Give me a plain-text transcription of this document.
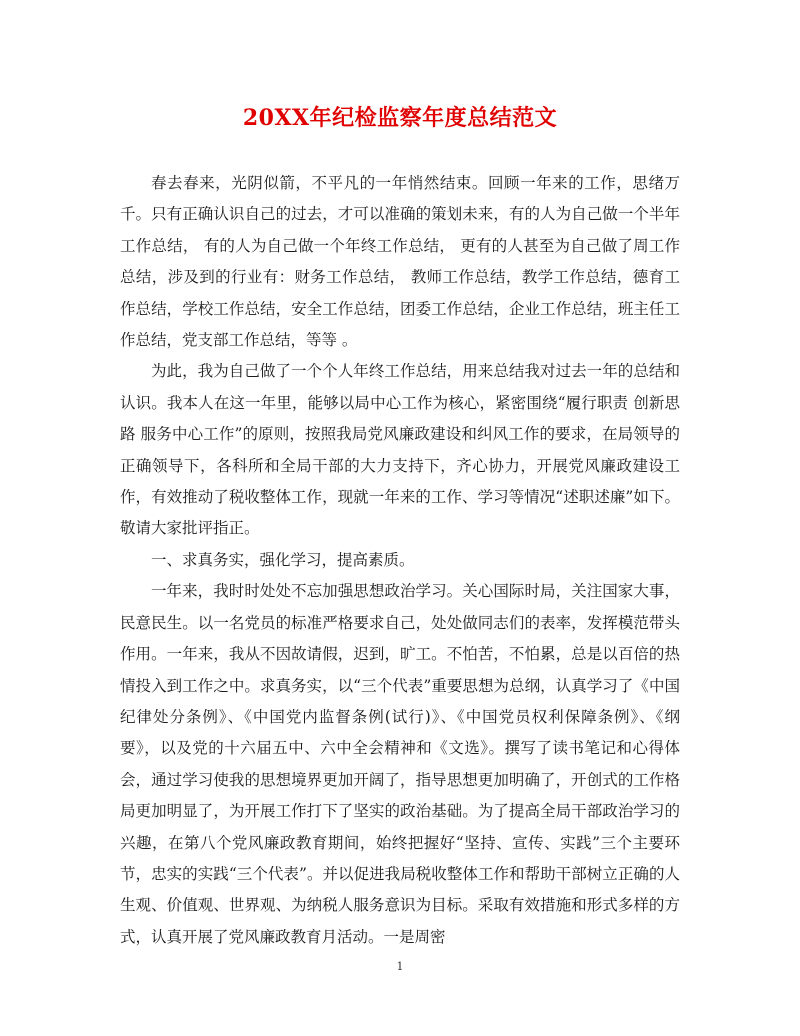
20XX年纪检监察年度总结范文

春去春来，光阴似箭，不平凡的一年悄然结束。回顾一年来的工作，思绪万千。只有正确认识自己的过去，才可以准确的策划未来，有的人为自己做一个半年工作总结， 有的人为自己做一个年终工作总结， 更有的人甚至为自己做了周工作总结，涉及到的行业有：财务工作总结， 教师工作总结，教学工作总结，德育工作总结，学校工作总结，安全工作总结，团委工作总结，企业工作总结，班主任工作总结，党支部工作总结，等等 。

为此，我为自己做了一个个人年终工作总结，用来总结我对过去一年的总结和认识。我本人在这一年里，能够以局中心工作为核心，紧密围绕“履行职责 创新思路 服务中心工作”的原则，按照我局党风廉政建设和纠风工作的要求，在局领导的正确领导下，各科所和全局干部的大力支持下，齐心协力，开展党风廉政建设工作，有效推动了税收整体工作，现就一年来的工作、学习等情况“述职述廉”如下。敬请大家批评指正。

一、求真务实，强化学习，提高素质。

一年来，我时时处处不忘加强思想政治学习。关心国际时局，关注国家大事，民意民生。以一名党员的标准严格要求自己，处处做同志们的表率，发挥模范带头作用。一年来，我从不因故请假，迟到，旷工。不怕苦，不怕累，总是以百倍的热情投入到工作之中。求真务实，以“三个代表”重要思想为总纲，认真学习了《中国纪律处分条例》、《中国党内监督条例(试行)》、《中国党员权利保障条例》、《纲要》，以及党的十六届五中、六中全会精神和《文选》。撰写了读书笔记和心得体会，通过学习使我的思想境界更加开阔了，指导思想更加明确了，开创式的工作格局更加明显了，为开展工作打下了坚实的政治基础。为了提高全局干部政治学习的兴趣，在第八个党风廉政教育期间，始终把握好“坚持、宣传、实践”三个主要环节，忠实的实践“三个代表”。并以促进我局税收整体工作和帮助干部树立正确的人生观、价值观、世界观、为纳税人服务意识为目标。采取有效措施和形式多样的方式，认真开展了党风廉政教育月活动。一是周密

1
